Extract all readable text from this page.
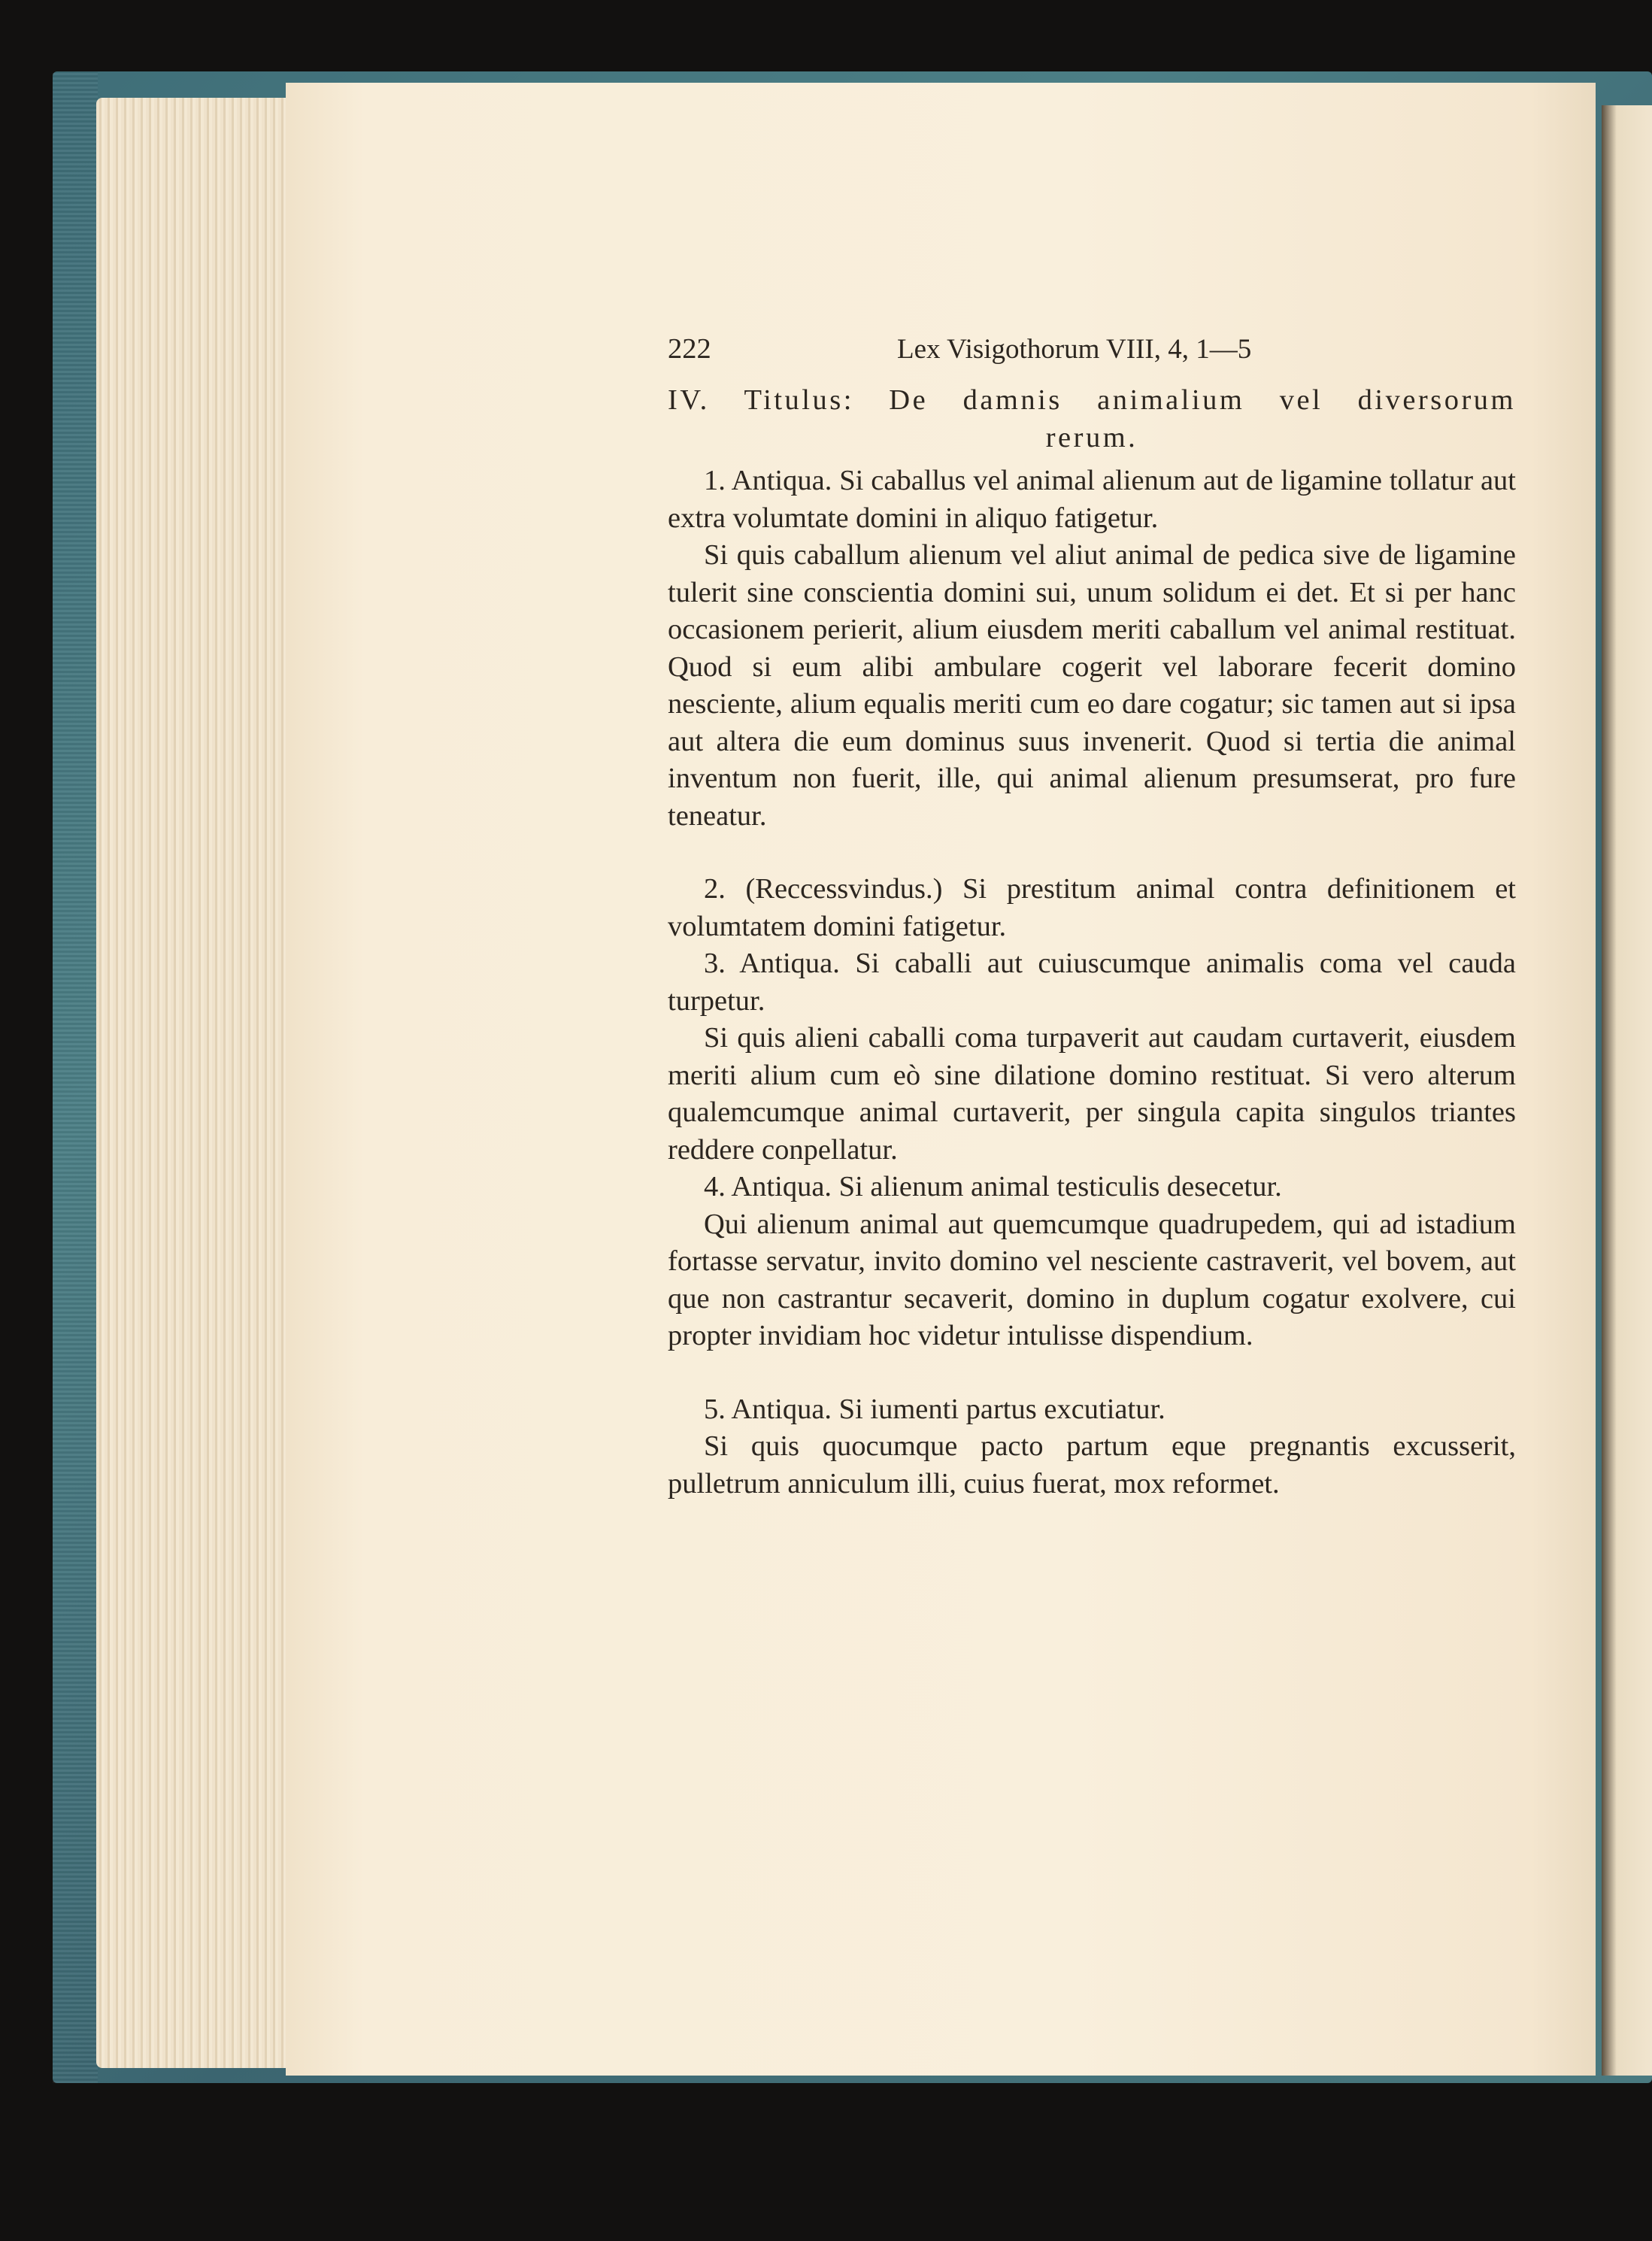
222	Lex Visigothorum VIII, 4, 1—5
IV. Titulus: De damnis animalium vel diversorum
rerum.

1. Antiqua. Si caballus vel animal alienum aut de ligamine tollatur aut extra volumtate domini in aliquo fatigetur.

Si quis caballum alienum vel aliut animal de pedica sive de ligamine tulerit sine conscientia domini sui, unum solidum ei det. Et si per hanc occasionem perierit, alium eiusdem meriti caballum vel animal restituat. Quod si eum alibi ambulare cogerit vel laborare fecerit domino nesciente, alium equalis meriti cum eo dare cogatur; sic tamen aut si ipsa aut altera die eum dominus suus invenerit. Quod si tertia die animal inventum non fuerit, ille, qui animal alienum presumserat, pro fure teneatur.

2. (Reccessvindus.) Si prestitum animal contra definitionem et volumtatem domini fatigetur.

3. Antiqua. Si caballi aut cuiuscumque animalis coma vel cauda turpetur.

Si quis alieni caballi coma turpaverit aut caudam curtaverit, eiusdem meriti alium cum eò sine dilatione domino restituat. Si vero alterum qualemcumque animal curtaverit, per singula capita singulos triantes reddere conpellatur.

4. Antiqua. Si alienum animal testiculis desecetur.

Qui alienum animal aut quemcumque quadrupedem, qui ad istadium fortasse servatur, invito domino vel nesciente castraverit, vel bovem, aut que non castrantur secaverit, domino in duplum cogatur exolvere, cui propter invidiam hoc videtur intulisse dispendium.

5. Antiqua. Si iumenti partus excutiatur.

Si quis quocumque pacto partum eque pregnantis excusserit, pulletrum anniculum illi, cuius fuerat, mox reformet.
